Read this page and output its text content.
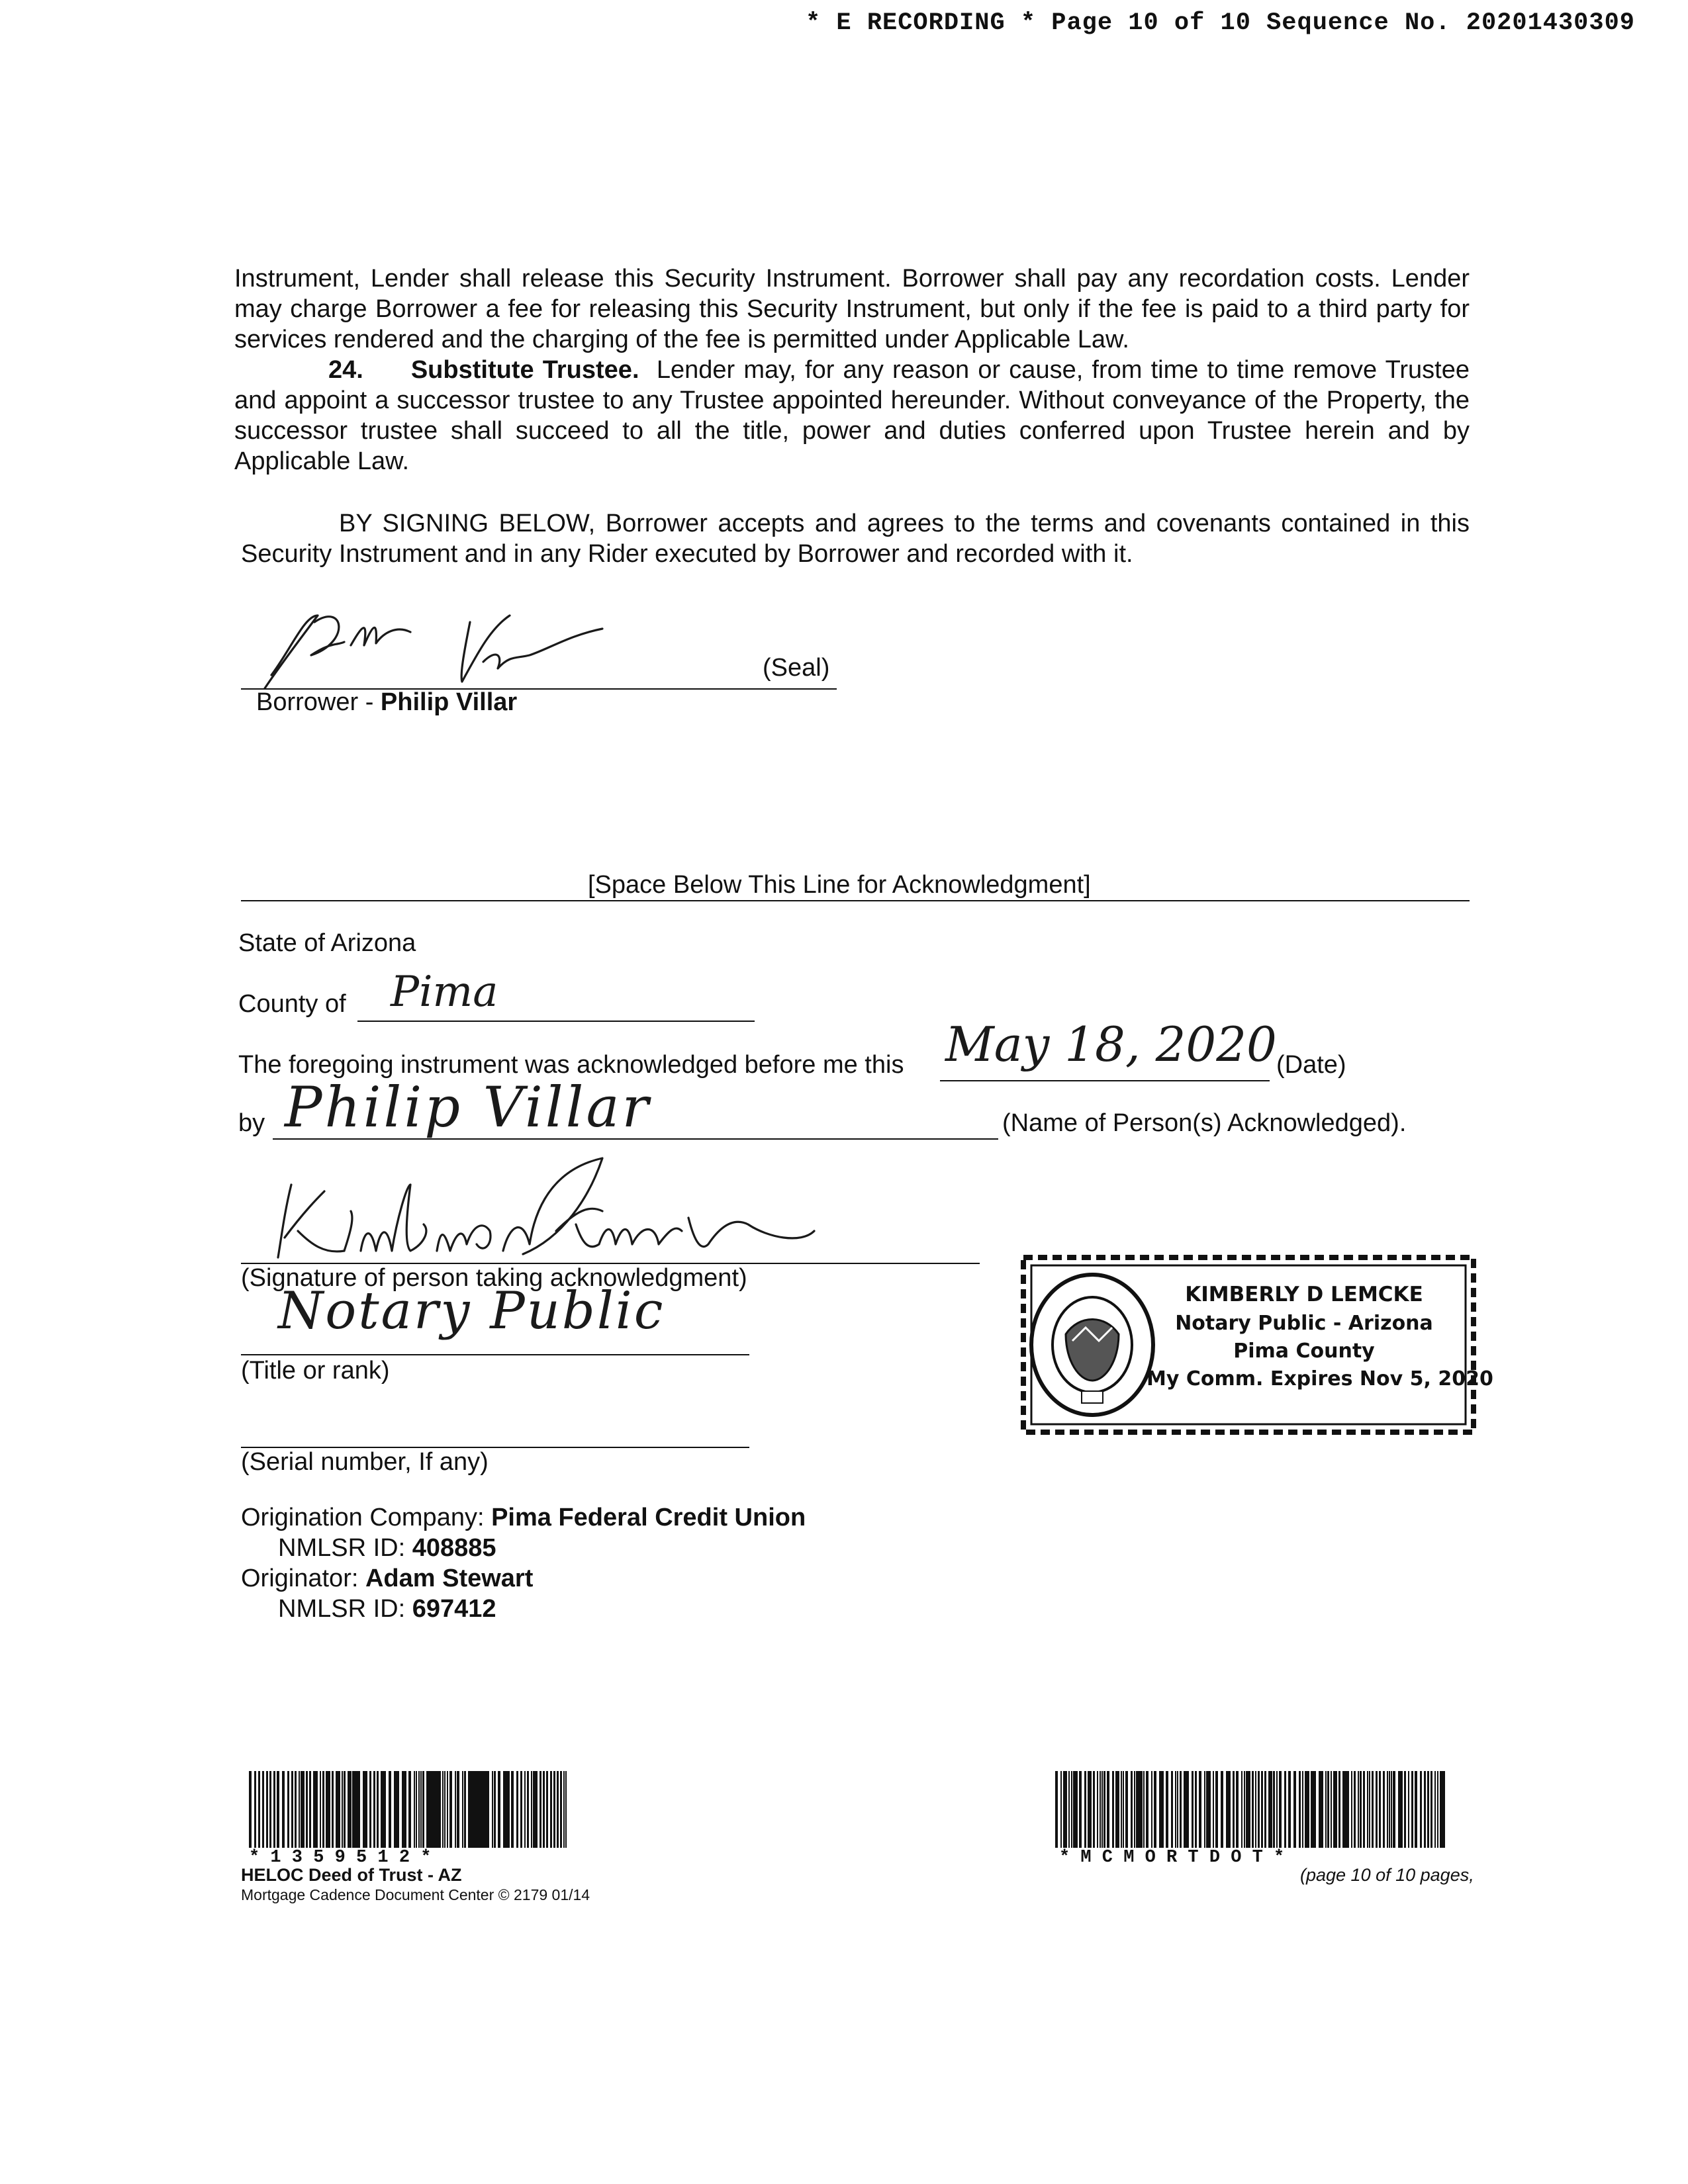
* E RECORDING * Page 10 of 10 Sequence No. 20201430309
Instrument, Lender shall release this Security Instrument. Borrower shall pay any recordation costs. Lender may charge Borrower a fee for releasing this Security Instrument, but only if the fee is paid to a third party for services rendered and the charging of the fee is permitted under Applicable Law.
24. Substitute Trustee. Lender may, for any reason or cause, from time to time remove Trustee and appoint a successor trustee to any Trustee appointed hereunder. Without conveyance of the Property, the successor trustee shall succeed to all the title, power and duties conferred upon Trustee herein and by Applicable Law.
BY SIGNING BELOW, Borrower accepts and agrees to the terms and covenants contained in this Security Instrument and in any Rider executed by Borrower and recorded with it.
(Seal)
Borrower - Philip Villar
[Space Below This Line for Acknowledgment]
State of Arizona
County of Pima
The foregoing instrument was acknowledged before me this May 18, 2020 (Date)
by Philip Villar	(Name of Person(s) Acknowledged).
(Signature of person taking acknowledgment)
Notary Public
(Title or rank)
(Serial number, If any)
KIMBERLY D LEMCKE
Notary Public - Arizona
Pima County
My Comm. Expires Nov 5, 2020
Origination Company: Pima Federal Credit Union
NMLSR ID: 408885
Originator: Adam Stewart
NMLSR ID: 697412
* 1 3 5 9 5 1 2 *
HELOC Deed of Trust - AZ
Mortgage Cadence Document Center © 2179 01/14
* M C M O R T D O T *
(page 10 of 10 pages,
